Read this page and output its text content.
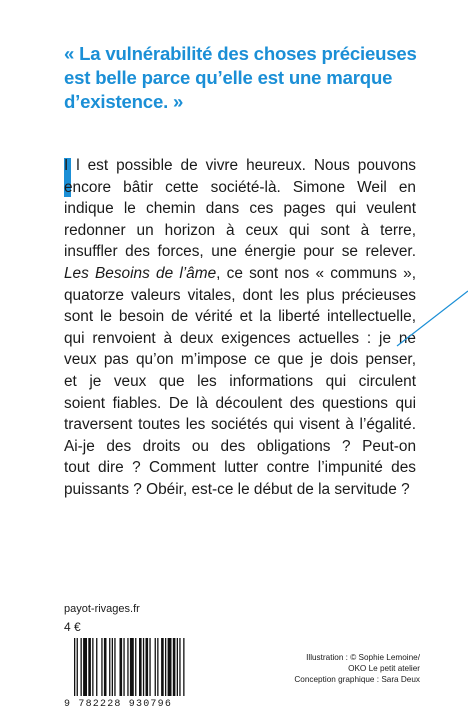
« La vulnérabilité des choses précieuses
est belle parce qu’elle est une marque
d’existence. »

I l est possible de vivre heureux. Nous pouvons
encore bâtir cette société-là. Simone Weil en
indique le chemin dans ces pages qui veulent
redonner un horizon à ceux qui sont à terre,
insuffler des forces, une énergie pour se relever.
Les Besoins de l’âme, ce sont nos « communs »,
quatorze valeurs vitales, dont les plus précieuses
sont le besoin de vérité et la liberté intellectuelle,
qui renvoient à deux exigences actuelles : je ne
veux pas qu’on m’impose ce que je dois penser,
et je veux que les informations qui circulent
soient fiables. De là découlent des questions qui
traversent toutes les sociétés qui visent à l’égalité.
Ai-je des droits ou des obligations ? Peut-on
tout dire ? Comment lutter contre l’impunité des
puissants ? Obéir, est-ce le début de la servitude ?
payot-rivages.fr
4 €
9 782228 930796
Illustration : © Sophie Lemoine/
OKO Le petit atelier
Conception graphique : Sara Deux
